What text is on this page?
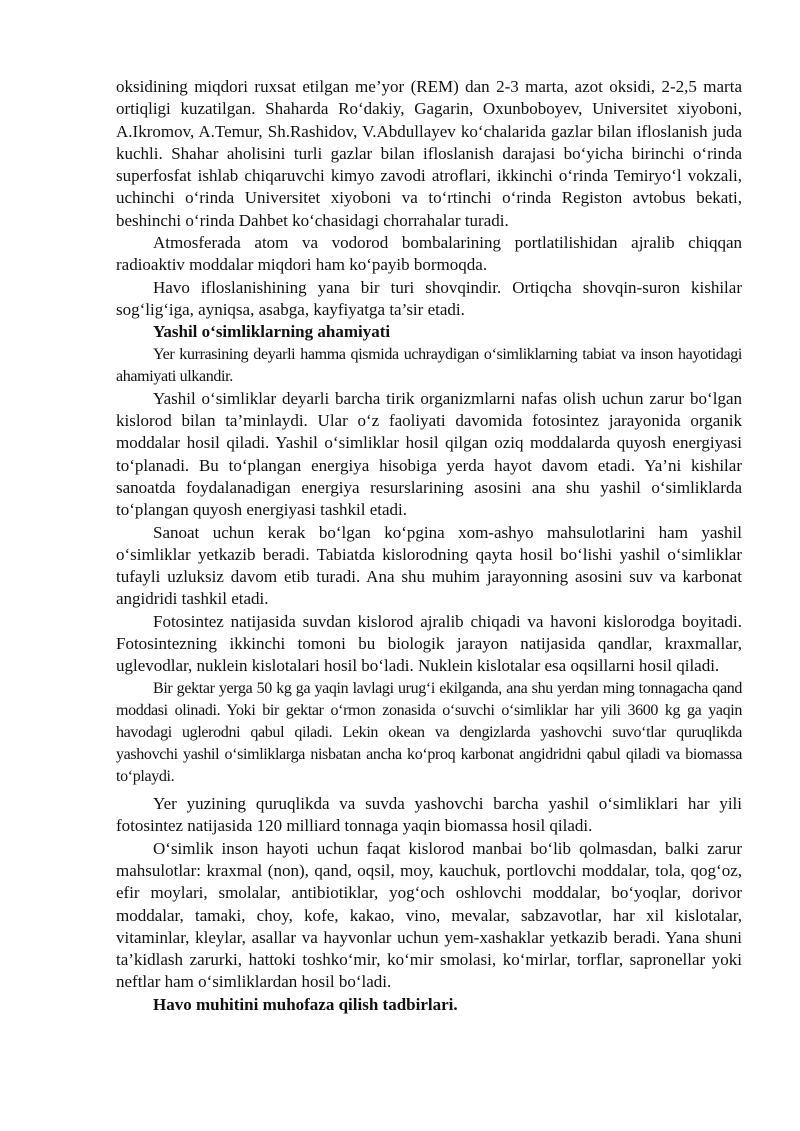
oksidining miqdori ruxsat etilgan me’yor (REM) dan 2-3 marta, azot oksidi, 2-2,5 marta ortiqligi kuzatilgan. Shaharda Ro‘dakiy, Gagarin, Oxunboboyev, Universitet xiyoboni, A.Ikromov, A.Temur, Sh.Rashidov, V.Abdullayev ko‘chalarida gazlar bilan ifloslanish juda kuchli. Shahar aholisini turli gazlar bilan ifloslanish darajasi bo‘yicha birinchi o‘rinda superfosfat ishlab chiqaruvchi kimyo zavodi atroflari, ikkinchi o‘rinda Temiryo‘l vokzali, uchinchi o‘rinda Universitet xiyoboni va to‘rtinchi o‘rinda Registon avtobus bekati, beshinchi o‘rinda Dahbet ko‘chasidagi chorrahalar turadi.

Atmosferada atom va vodorod bombalarining portlatilishidan ajralib chiqqan radioaktiv moddalar miqdori ham ko‘payib bormoqda.

Havo ifloslanishining yana bir turi shovqindir. Ortiqcha shovqin-suron kishilar sog‘lig‘iga, ayniqsa, asabga, kayfiyatga ta’sir etadi.

Yashil o‘simliklarning ahamiyati

Yer kurrasining deyarli hamma qismida uchraydigan o‘simliklarning tabiat va inson hayotidagi ahamiyati ulkandir.

Yashil o‘simliklar deyarli barcha tirik organizmlarni nafas olish uchun zarur bo‘lgan kislorod bilan ta’minlaydi. Ular o‘z faoliyati davomida fotosintez jarayonida organik moddalar hosil qiladi. Yashil o‘simliklar hosil qilgan oziq moddalarda quyosh energiyasi to‘planadi. Bu to‘plangan energiya hisobiga yerda hayot davom etadi. Ya’ni kishilar sanoatda foydalanadigan energiya resurslarining asosini ana shu yashil o‘simliklarda to‘plangan quyosh energiyasi tashkil etadi.

Sanoat uchun kerak bo‘lgan ko‘pgina xom-ashyo mahsulotlarini ham yashil o‘simliklar yetkazib beradi. Tabiatda kislorodning qayta hosil bo‘lishi yashil o‘simliklar tufayli uzluksiz davom etib turadi. Ana shu muhim jarayonning asosini suv va karbonat angidridi tashkil etadi.

Fotosintez natijasida suvdan kislorod ajralib chiqadi va havoni kislorodga boyitadi. Fotosintezning ikkinchi tomoni bu biologik jarayon natijasida qandlar, kraxmallar, uglevodlar, nuklein kislotalari hosil bo‘ladi. Nuklein kislotalar esa oqsillarni hosil qiladi.

Bir gektar yerga 50 kg ga yaqin lavlagi urug‘i ekilganda, ana shu yerdan ming tonnagacha qand moddasi olinadi. Yoki bir gektar o‘rmon zonasida o‘suvchi o‘simliklar har yili 3600 kg ga yaqin havodagi uglerodni qabul qiladi. Lekin okean va dengizlarda yashovchi suvo‘tlar quruqlikda yashovchi yashil o‘simliklarga nisbatan ancha ko‘proq karbonat angidridni qabul qiladi va biomassa to‘playdi.

Yer yuzining quruqlikda va suvda yashovchi barcha yashil o‘simliklari har yili fotosintez natijasida 120 milliard tonnaga yaqin biomassa hosil qiladi.

O‘simlik inson hayoti uchun faqat kislorod manbai bo‘lib qolmasdan, balki zarur mahsulotlar: kraxmal (non), qand, oqsil, moy, kauchuk, portlovchi moddalar, tola, qog‘oz, efir moylari, smolalar, antibiotiklar, yog‘och oshlovchi moddalar, bo‘yoqlar, dorivor moddalar, tamaki, choy, kofe, kakao, vino, mevalar, sabzavotlar, har xil kislotalar, vitaminlar, kleylar, asallar va hayvonlar uchun yem-xashaklar yetkazib beradi. Yana shuni ta’kidlash zarurki, hattoki toshko‘mir, ko‘mir smolasi, ko‘mirlar, torflar, sapronellar yoki neftlar ham o‘simliklardan hosil bo‘ladi.

Havo muhitini muhofaza qilish tadbirlari.
